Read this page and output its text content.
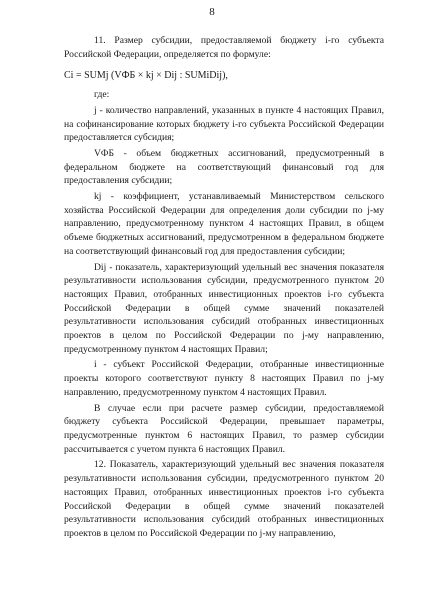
8

11. Размер субсидии, предоставляемой бюджету i-го субъекта Российской Федерации, определяется по формуле:

Ci = SUMj (VФБ × kj × Dij : SUMiDij),

где:

j - количество направлений, указанных в пункте 4 настоящих Правил, на софинансирование которых бюджету i-го субъекта Российской Федерации предоставляется субсидия;

VФБ - объем бюджетных ассигнований, предусмотренный в федеральном бюджете на соответствующий финансовый год для предоставления субсидии;

kj - коэффициент, устанавливаемый Министерством сельского хозяйства Российской Федерации для определения доли субсидии по j-му направлению, предусмотренному пунктом 4 настоящих Правил, в общем объеме бюджетных ассигнований, предусмотренном в федеральном бюджете на соответствующий финансовый год для предоставления субсидии;

Dij - показатель, характеризующий удельный вес значения показателя результативности использования субсидии, предусмотренного пунктом 20 настоящих Правил, отобранных инвестиционных проектов i-го субъекта Российской Федерации в общей сумме значений показателей результативности использования субсидий отобранных инвестиционных проектов в целом по Российской Федерации по j-му направлению, предусмотренному пунктом 4 настоящих Правил;

i - субъект Российской Федерации, отобранные инвестиционные проекты которого соответствуют пункту 8 настоящих Правил по j-му направлению, предусмотренному пунктом 4 настоящих Правил.

В случае если при расчете размер субсидии, предоставляемой бюджету субъекта Российской Федерации, превышает параметры, предусмотренные пунктом 6 настоящих Правил, то размер субсидии рассчитывается с учетом пункта 6 настоящих Правил.

12. Показатель, характеризующий удельный вес значения показателя результативности использования субсидии, предусмотренного пунктом 20 настоящих Правил, отобранных инвестиционных проектов i-го субъекта Российской Федерации в общей сумме значений показателей результативности использования субсидий отобранных инвестиционных проектов в целом по Российской Федерации по j-му направлению,
